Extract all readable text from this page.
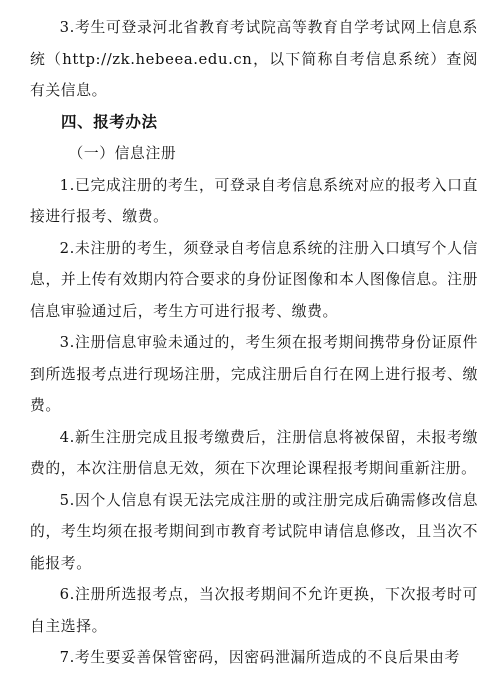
3.考生可登录河北省教育考试院高等教育自学考试网上信息系统（http://zk.hebeea.edu.cn，以下简称自考信息系统）查阅有关信息。

四、报考办法

（一）信息注册

1.已完成注册的考生，可登录自考信息系统对应的报考入口直接进行报考、缴费。

2.未注册的考生，须登录自考信息系统的注册入口填写个人信息，并上传有效期内符合要求的身份证图像和本人图像信息。注册信息审验通过后，考生方可进行报考、缴费。

3.注册信息审验未通过的，考生须在报考期间携带身份证原件到所选报考点进行现场注册，完成注册后自行在网上进行报考、缴费。

4.新生注册完成且报考缴费后，注册信息将被保留，未报考缴费的，本次注册信息无效，须在下次理论课程报考期间重新注册。

5.因个人信息有误无法完成注册的或注册完成后确需修改信息的，考生均须在报考期间到市教育考试院申请信息修改，且当次不能报考。

6.注册所选报考点，当次报考期间不允许更换，下次报考时可自主选择。

7.考生要妥善保管密码，因密码泄漏所造成的不良后果由考
